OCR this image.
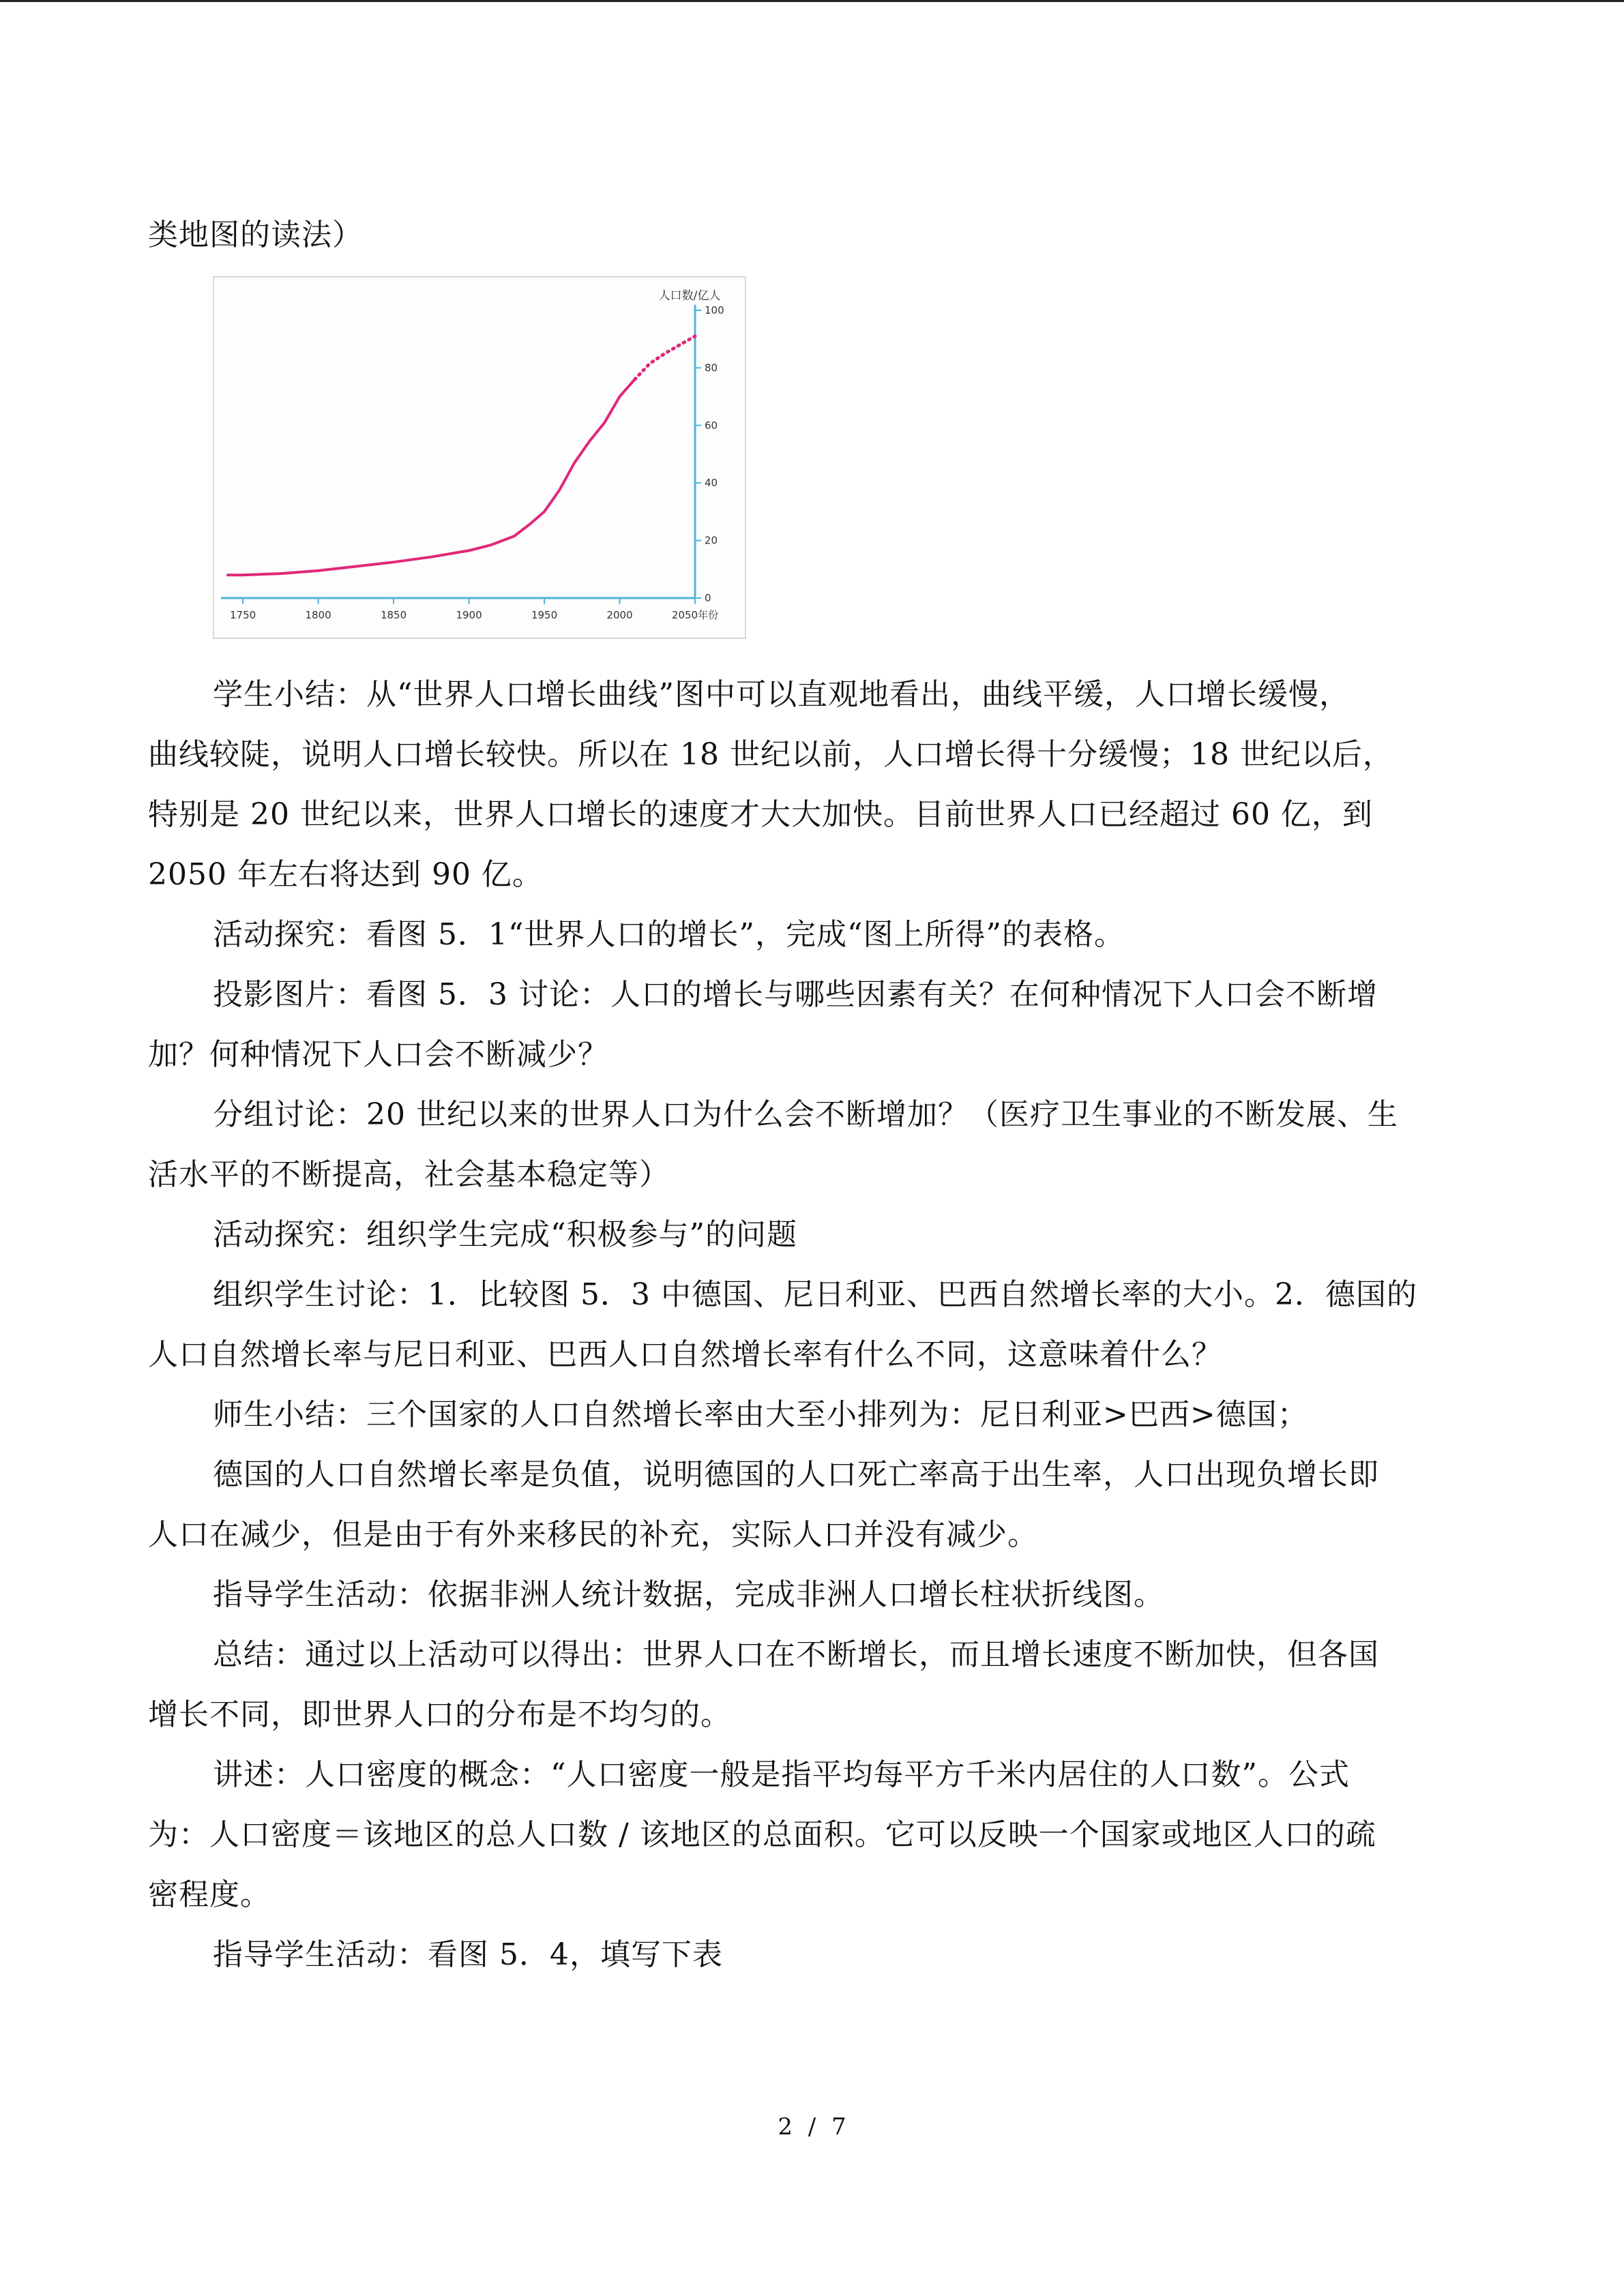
类地图的读法）
0
20
40
60
80
100
1750	1800	1850	1900	1950	2000	2050年份
人口数/亿人
学生小结：从“世界人口增长曲线”图中可以直观地看出，曲线平缓，人口增长缓慢，
曲线较陡，说明人口增长较快。所以在 18 世纪以前，人口增长得十分缓慢；18 世纪以后，
特别是 20 世纪以来，世界人口增长的速度才大大加快。目前世界人口已经超过 60 亿，到
2050 年左右将达到 90 亿。
活动探究：看图 5．1“世界人口的增长”，完成“图上所得”的表格。
投影图片：看图 5．3 讨论：人口的增长与哪些因素有关？在何种情况下人口会不断增
加？何种情况下人口会不断减少？
分组讨论：20 世纪以来的世界人口为什么会不断增加？（医疗卫生事业的不断发展、生
活水平的不断提高，社会基本稳定等）
活动探究：组织学生完成“积极参与”的问题
组织学生讨论：1．比较图 5．3 中德国、尼日利亚、巴西自然增长率的大小。2．德国的
人口自然增长率与尼日利亚、巴西人口自然增长率有什么不同，这意味着什么？
师生小结：三个国家的人口自然增长率由大至小排列为：尼日利亚>巴西>德国；
德国的人口自然增长率是负值，说明德国的人口死亡率高于出生率，人口出现负增长即
人口在减少，但是由于有外来移民的补充，实际人口并没有减少。
指导学生活动：依据非洲人统计数据，完成非洲人口增长柱状折线图。
总结：通过以上活动可以得出：世界人口在不断增长，而且增长速度不断加快，但各国
增长不同，即世界人口的分布是不均匀的。
讲述：人口密度的概念：“人口密度一般是指平均每平方千米内居住的人口数”。公式
为：人口密度＝该地区的总人口数 / 该地区的总面积。它可以反映一个国家或地区人口的疏
密程度。
指导学生活动：看图 5．4，填写下表
2 / 7
